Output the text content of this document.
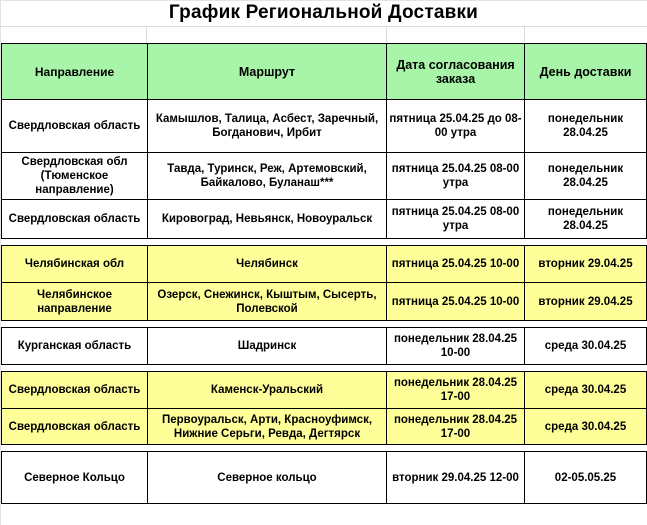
График Региональной Доставки
Направление	Маршрут	Дата согласования заказа	День доставки
Свердловская область	Камышлов, Талица, Асбест, Заречный, Богданович, Ирбит	пятница 25.04.25 до 08-00 утра	понедельник 28.04.25
Свердловская обл (Тюменское направление)	Тавда, Туринск, Реж, Артемовский, Байкалово, Буланаш***	пятница 25.04.25 08-00 утра	понедельник 28.04.25
Свердловская область	Кировоград, Невьянск, Новоуральск	пятница 25.04.25 08-00 утра	понедельник 28.04.25

Челябинская обл	Челябинск	пятница 25.04.25 10-00	вторник 29.04.25
Челябинское направление	Озерск, Снежинск, Кыштым, Сысерть, Полевской	пятница 25.04.25 10-00	вторник 29.04.25

Курганская область	Шадринск	понедельник 28.04.25 10-00	среда 30.04.25

Свердловская область	Каменск-Уральский	понедельник 28.04.25 17-00	среда 30.04.25
Свердловская область	Первоуральск, Арти, Красноуфимск, Нижние Серьги, Ревда, Дегтярск	понедельник 28.04.25 17-00	среда 30.04.25

Северное Кольцо	Северное кольцо	вторник 29.04.25 12-00	02-05.05.25
